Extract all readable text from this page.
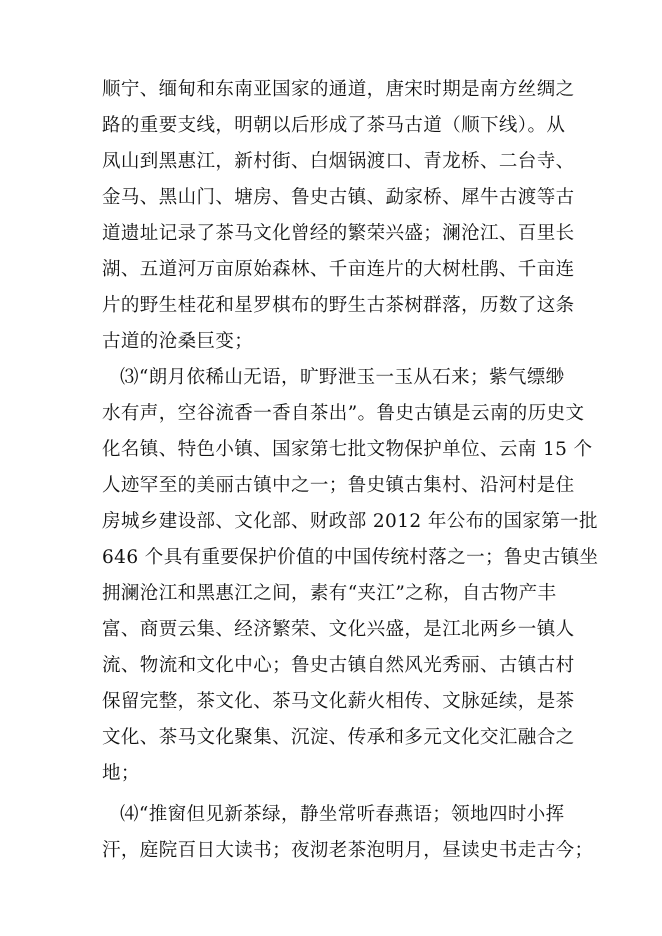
顺宁、缅甸和东南亚国家的通道，唐宋时期是南方丝绸之
路的重要支线，明朝以后形成了茶马古道（顺下线）。从
凤山到黑惠江，新村街、白烟锅渡口、青龙桥、二台寺、
金马、黑山门、塘房、鲁史古镇、勐家桥、犀牛古渡等古
道遗址记录了茶马文化曾经的繁荣兴盛；澜沧江、百里长
湖、五道河万亩原始森林、千亩连片的大树杜鹃、千亩连
片的野生桂花和星罗棋布的野生古茶树群落，历数了这条
古道的沧桑巨变；
⑶“朗月依稀山无语，旷野泄玉一玉从石来；紫气缥缈
水有声，空谷流香一香自茶出”。鲁史古镇是云南的历史文
化名镇、特色小镇、国家第七批文物保护单位、云南 15 个
人迹罕至的美丽古镇中之一；鲁史镇古集村、沿河村是住
房城乡建设部、文化部、财政部 2012 年公布的国家第一批
646 个具有重要保护价值的中国传统村落之一；鲁史古镇坐
拥澜沧江和黑惠江之间，素有“夹江”之称，自古物产丰
富、商贾云集、经济繁荣、文化兴盛，是江北两乡一镇人
流、物流和文化中心；鲁史古镇自然风光秀丽、古镇古村
保留完整，茶文化、茶马文化薪火相传、文脉延续，是茶
文化、茶马文化聚集、沉淀、传承和多元文化交汇融合之
地；
⑷“推窗但见新茶绿，静坐常听春燕语；领地四时小挥
汗，庭院百日大读书；夜沏老茶泡明月，昼读史书走古今；
